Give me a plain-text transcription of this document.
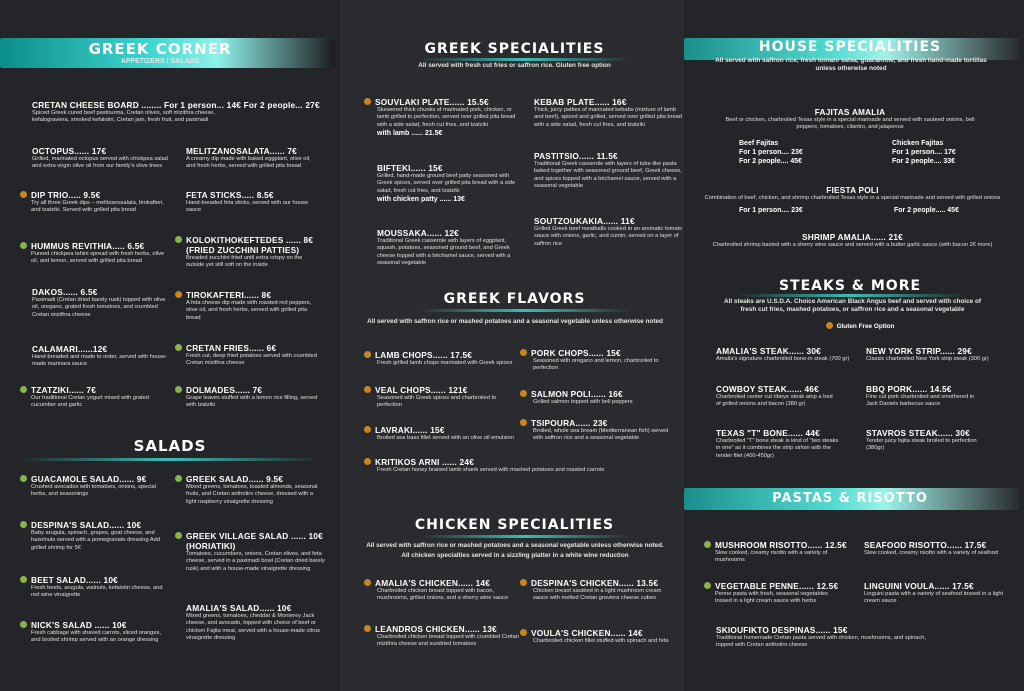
GREEK CORNER
APPETIZERS / SALADS
CRETAN CHEESE BOARD ........ For 1 person... 14€ For 2 people... 27€
Spiced Greek cured beef pastourma, Cretan olives, soft mizithra cheese, kefalograviera, smoked kefalotiri, Cretan jam, fresh fruit, and paximadi
OCTOPUS...... 17€
Grilled, marinated octopus served with chickpea salad and extra virgin olive oil from our family's olive trees
MELITZANOSALATA...... 7€
A creamy dip made with baked eggplant, olive oil, and fresh herbs, served with grilled pita bread
DIP TRIO..... 9.5€
Try all three Greek dips – melitzanosalata, tirokafteri, and tzatziki. Served with grilled pita bread
FETA STICKS..... 8.5€
Hand-breaded feta sticks, served with our house sauce
HUMMUS REVITHIA..... 6.5€
Pureed chickpea tahini spread with fresh herbs, olive oil, and lemon, served with grilled pita bread
KOLOKITHOKEFTEDES ...... 8€
(FRIED ZUCCHINI PATTIES)
Breaded zucchini fried until extra crispy on the outside yet still soft on the inside
DAKOS...... 6.5€
Paximadi (Cretan dried barely rusk) topped with olive oil, oregano, grated fresh tomatoes, and crumbled Cretan mizithra cheese
TIROKAFTERI...... 8€
A feta cheese dip made with roasted red peppers, olive oil, and fresh herbs, served with grilled pita bread
CALAMARI......12€
Hand-breaded and made to order, served with house-made marinara sauce
CRETAN FRIES...... 6€
Fresh cut, deep fried potatoes served with crumbled Cretan mizithra cheese
TZATZIKI...... 7€
Our traditional Cretan yogurt mixed with grated cucumber and garlic
DOLMADES...... 7€
Grape leaves stuffed with a lemon rice filling, served with tzatziki
SALADS
GUACAMOLE SALAD...... 9€
Crushed avocados with tomatoes, onions, special herbs, and seasonings
GREEK SALAD...... 9.5€
Mixed greens, tomatoes, toasted almonds, seasonal fruits, and Cretan anthotiro cheese, dressed with a light raspberry vinaigrette dressing
DESPINA'S SALAD...... 10€
Baby arugula, spinach, grapes, goat cheese, and hazelnuts served with a pomegranate dressing Add grilled shrimp for 5€
GREEK VILLAGE SALAD ...... 10€
(HORIATIKI)
Tomatoes, cucumbers, onions, Cretan olives, and feta cheese, served in a paximadi bowl (Cretan dried barely rusk) and with a house-made vinaigrette dressing
BEET SALAD...... 10€
Fresh beets, arugula, walnuts, kefalotiri cheese, and red wine vinaigrette
AMALIA'S SALAD...... 10€
Mixed greens, tomatoes, cheddar & Monterey Jack cheese, and avocado, topped with choice of beef or chicken Fajita meat, served with a house-made citrus vinaigrette dressing
NICK'S SALAD ...... 10€
Fresh cabbage with shaved carrots, sliced oranges, and broiled shrimp served with an orange dressing
GREEK SPECIALITIES
All served with fresh cut fries or saffron rice. Gluten free option
SOUVLAKI PLATE...... 15.5€
Skewered thick chunks of marinated pork, chicken, or lamb grilled to perfection, served over grilled pita bread with a side salad, fresh cut fries, and tzatziki
with lamb ...... 21.5€
KEBAB PLATE...... 16€
Thick, juicy patties of marinated kebabs (mixture of lamb and beef), spiced and grilled, served over grilled pita bread with a side salad, fresh cut fries, and tzatziki
BIFTEKI...... 15€
Grilled, hand-made ground beef patty seasoned with Greek spices, served over grilled pita bread with a side salad, fresh cut fries, and tzatziki
with chicken patty ...... 13€
PASTITSIO...... 11.5€
Traditional Greek casserole with layers of tube-like pasta baked together with seasoned ground beef, Greek cheese, and spices topped with a béchamel sauce, served with a seasonal vegetable
MOUSSAKA...... 12€
Traditional Greek casserole with layers of eggplant, squash, potatoes, seasoned ground beef, and Greek cheese topped with a béchamel sauce, served with a seasonal vegetable
SOUTZOUKAKIA...... 11€
Grilled Greek beef meatballs cooked in an aromatic tomato sauce with onions, garlic, and cumin, served on a layer of saffron rice
GREEK FLAVORS
All served with saffron rice or mashed potatoes and a seasonal vegetable unless otherwise noted
LAMB CHOPS...... 17.5€
Fresh grilled lamb chops marinated with Greek spices
PORK CHOPS...... 15€
Seasoned with oregano and lemon, charbroiled to perfection
VEAL CHOPS...... 121€
Seasoned with Greek spices and charbroiled to perfection
SALMON POLI...... 16€
Grilled salmon topped with bell peppers
LAVRAKI...... 15€
Broiled sea bass fillet served with an olive oil emulsion
TSIPOURA...... 23€
Broiled, whole sea bream (Mediterranean fish) served with saffron rice and a seasonal vegetable
KRITIKOS ARNI ...... 24€
Fresh Cretan honey braised lamb shank served with mashed potatoes and roasted carrots
CHICKEN SPECIALITIES
All served with saffron rice or mashed potatoes and a seasonal vegetable unless otherwise noted.
All chicken specialties served in a sizzling platter in a white wine reduction
AMALIA'S CHICKEN...... 14€
Charbroiled chicken breast topped with bacon, mushrooms, grilled onions, and a sherry wine sauce
DESPINA'S CHICKEN...... 13.5€
Chicken breast sautéed in a light mushroom cream sauce with melted Cretan graviera cheese cubes
LEANDROS CHICKEN...... 13€
Charbroiled chicken breast topped with crumbled Cretan mizithra cheese and sundried tomatoes
VOULA'S CHICKEN...... 14€
Charbroiled chicken fillet stuffed with spinach and feta
HOUSE SPECIALITIES
All served with saffron rice, fresh tomato salsa, guacamole, and fresh hand-made tortillas unless otherwise noted
FAJITAS AMALIA
Beef or chicken, charbroiled Texas style in a special marinade and served with sauteed onions, bell peppers, tomatoes, cilantro, and jalapenos
Beef Fajitas
For 1 person.... 23€
For 2 people.... 45€
Chicken Fajitas
For 1 person.... 17€
For 2 people.... 33€
FIESTA POLI
Combination of beef, chicken, and shrimp charbroiled Texas style in a special marinade and served with grilled onions
For 1 person.... 23€	For 2 people..... 45€
SHRIMP AMALIA...... 21€
Charbroiled shrimp basted with a sherry wine sauce and served with a butter garlic sauce (with bacon 2€ more)
STEAKS & MORE
All steaks are U.S.D.A. Choice American Black Angus beef and served with choice of fresh cut fries, mashed potatoes, or saffron rice and a seasonal vegetable
Gluten Free Option
AMALIA'S STEAK...... 30€
Amalia's signature charbroiled bone-in steak (700 gr)
NEW YORK STRIP...... 29€
Classic charbroiled New York strip steak (300 gr)
COWBOY STEAK...... 46€
Charbroiled center cut ribeye steak atop a bed of grilled onions and bacon (380 gr)
BBQ PORK...... 14.5€
Fine cut pork charbroiled and smothered in Jack Daniels barbecue sauce
TEXAS "T" BONE...... 44€
Charbroiled "T" bone steak is kind of "two steaks in one" as it combines the strip sirloin with the tender filet (400-450gr)
STAVROS STEAK...... 30€
Tender juicy fajita steak broiled to perfection (380gr)
PASTAS & RISOTTO
MUSHROOM RISOTTO...... 12.5€
Slow cooked, creamy risotto with a variety of mushrooms
SEAFOOD RISOTTO...... 17.5€
Slow cooked, creamy risotto with a variety of seafood
VEGETABLE PENNE...... 12.5€
Penne pasta with fresh, seasonal vegetables tossed in a light cream sauce with herbs
LINGUINI VOULA...... 17.5€
Linguini pasta with a variety of seafood tossed in a light cream sauce
SKIOUFIKTO DESPINAS...... 15€
Traditional homemade Cretan pasta served with chicken, mushrooms, and spinach, topped with Cretan anthotiro cheese
